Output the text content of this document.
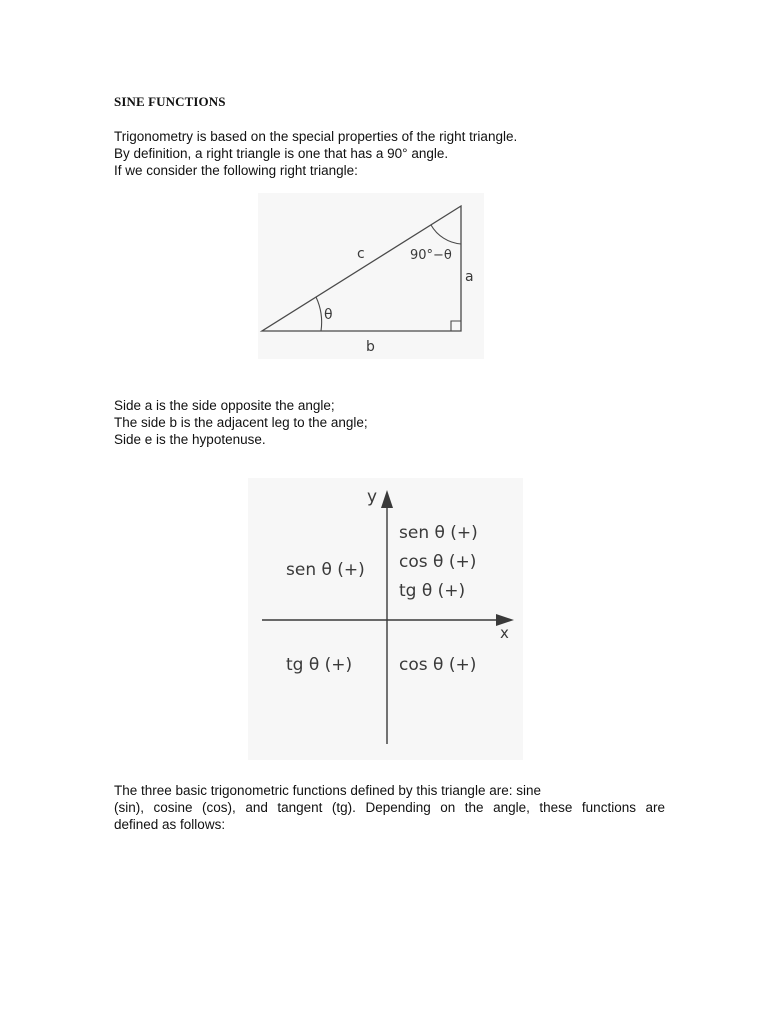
SINE FUNCTIONS
Trigonometry is based on the special properties of the right triangle.
By definition, a right triangle is one that has a 90° angle.
If we consider the following right triangle:
c	90°−θ
a
θ
b
Side a is the side opposite the angle;
The side b is the adjacent leg to the angle;
Side e is the hypotenuse.
y
x
sen θ (+)
cos θ (+)
tg θ (+)
sen θ (+)
tg θ (+)	cos θ (+)
The three basic trigonometric functions defined by this triangle are: sine
(sin), cosine (cos), and tangent (tg). Depending on the angle, these functions are
defined as follows:
